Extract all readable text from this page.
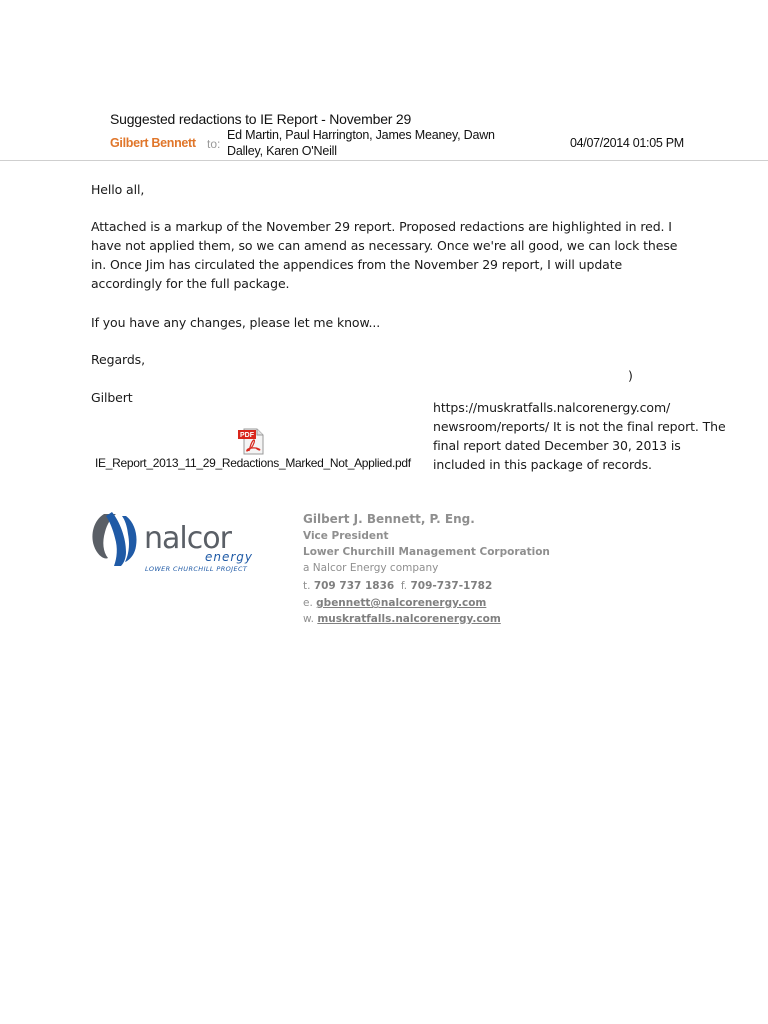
Suggested redactions to IE Report - November 29
Gilbert Bennett to:
Ed Martin, Paul Harrington, James Meaney, Dawn Dalley, Karen O'Neill
04/07/2014 01:05 PM
Hello all,
Attached is a markup of the November 29 report. Proposed redactions are highlighted in red. I have not applied them, so we can amend as necessary. Once we're all good, we can lock these in. Once Jim has circulated the appendices from the November 29 report, I will update accordingly for the full package.
If you have any changes, please let me know...
Regards,
Gilbert
)
https://muskratfalls.nalcorenergy.com/ newsroom/reports/ It is not the final report. The final report dated December 30, 2013 is included in this package of records.
PDF
IE_Report_2013_11_29_Redactions_Marked_Not_Applied.pdf
nalcor
energy
LOWER CHURCHILL PROJECT
Gilbert J. Bennett, P. Eng.
Vice President
Lower Churchill Management Corporation
a Nalcor Energy company
t. 709 737 1836 f. 709-737-1782
e. gbennett@nalcorenergy.com
w. muskratfalls.nalcorenergy.com
